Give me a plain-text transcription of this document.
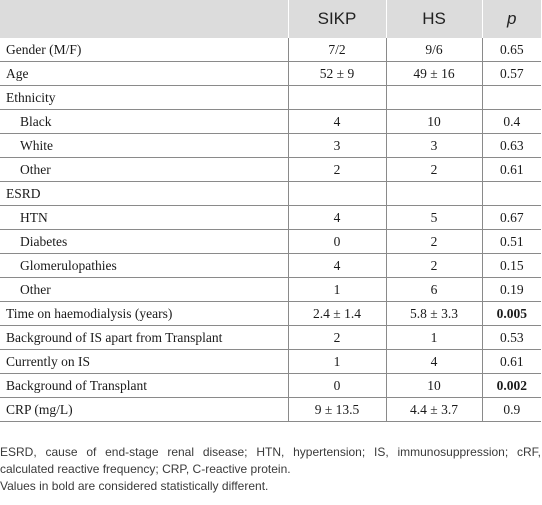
	SIKP	HS	p
Gender (M/F)	7/2	9/6	0.65
Age	52 ± 9	49 ± 16	0.57
Ethnicity			
Black	4	10	0.4
White	3	3	0.63
Other	2	2	0.61
ESRD			
HTN	4	5	0.67
Diabetes	0	2	0.51
Glomerulopathies	4	2	0.15
Other	1	6	0.19
Time on haemodialysis (years)	2.4 ± 1.4	5.8 ± 3.3	0.005
Background of IS apart from Transplant	2	1	0.53
Currently on IS	1	4	0.61
Background of Transplant	0	10	0.002
CRP (mg/L)	9 ± 13.5	4.4 ± 3.7	0.9

ESRD, cause of end-stage renal disease; HTN, hypertension; IS, immunosuppression; cRF, calculated reactive frequency; CRP, C-reactive protein.
Values in bold are considered statistically different.
